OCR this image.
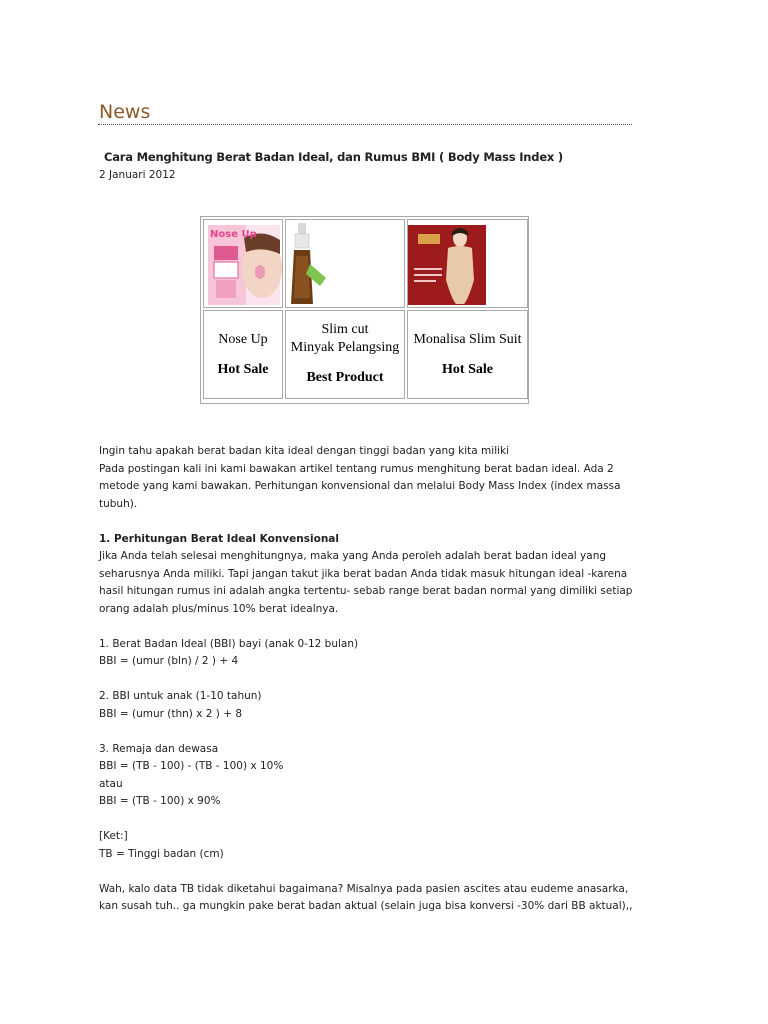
News
Cara Menghitung Berat Badan Ideal, dan Rumus BMI ( Body Mass Index )
2 Januari 2012
Nose Up
Nose Up
Hot Sale
Slim cut
Minyak Pelangsing
Best Product
Monalisa Slim Suit
Hot Sale

Ingin tahu apakah berat badan kita ideal dengan tinggi badan yang kita miliki

Pada postingan kali ini kami bawakan artikel tentang rumus menghitung berat badan ideal. Ada 2

metode yang kami bawakan. Perhitungan konvensional dan melalui Body Mass Index (index massa

tubuh).

1. Perhitungan Berat Ideal Konvensional

Jika Anda telah selesai menghitungnya, maka yang Anda peroleh adalah berat badan ideal yang

seharusnya Anda miliki. Tapi jangan takut jika berat badan Anda tidak masuk hitungan ideal -karena

hasil hitungan rumus ini adalah angka tertentu- sebab range berat badan normal yang dimiliki setiap

orang adalah plus/minus 10% berat idealnya.

1. Berat Badan Ideal (BBI) bayi (anak 0-12 bulan)

BBI = (umur (bln) / 2 ) + 4

2. BBI untuk anak (1-10 tahun)

BBI = (umur (thn) x 2 ) + 8

3. Remaja dan dewasa

BBI = (TB - 100) - (TB - 100) x 10%

atau

BBI = (TB - 100) x 90%

[Ket:]

TB = Tinggi badan (cm)

Wah, kalo data TB tidak diketahui bagaimana? Misalnya pada pasien ascites atau eudeme anasarka,

kan susah tuh.. ga mungkin pake berat badan aktual (selain juga bisa konversi -30% dari BB aktual),,
